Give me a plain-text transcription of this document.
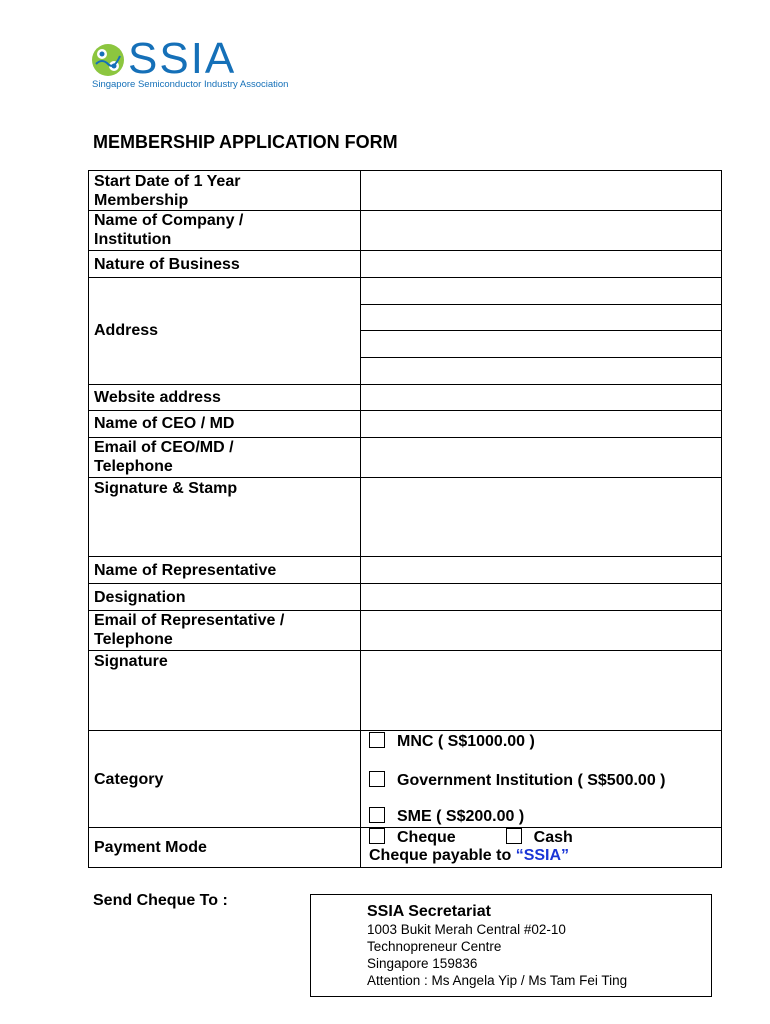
SSIA
Singapore Semiconductor Industry Association
MEMBERSHIP APPLICATION FORM
Start Date of 1 Year
Membership
Name of Company /
Institution
Nature of Business
Address
Website address
Name of CEO / MD
Email of CEO/MD /
Telephone
Signature & Stamp
Name of Representative
Designation
Email of Representative /
Telephone
Signature
Category
MNC ( S$1000.00 )
Government Institution ( S$500.00 )
SME ( S$200.00 )
Payment Mode
Cheque	Cash
Cheque payable to “SSIA”
Send Cheque To :
SSIA Secretariat
1003 Bukit Merah Central #02-10
Technopreneur Centre
Singapore 159836
Attention : Ms Angela Yip / Ms Tam Fei Ting
